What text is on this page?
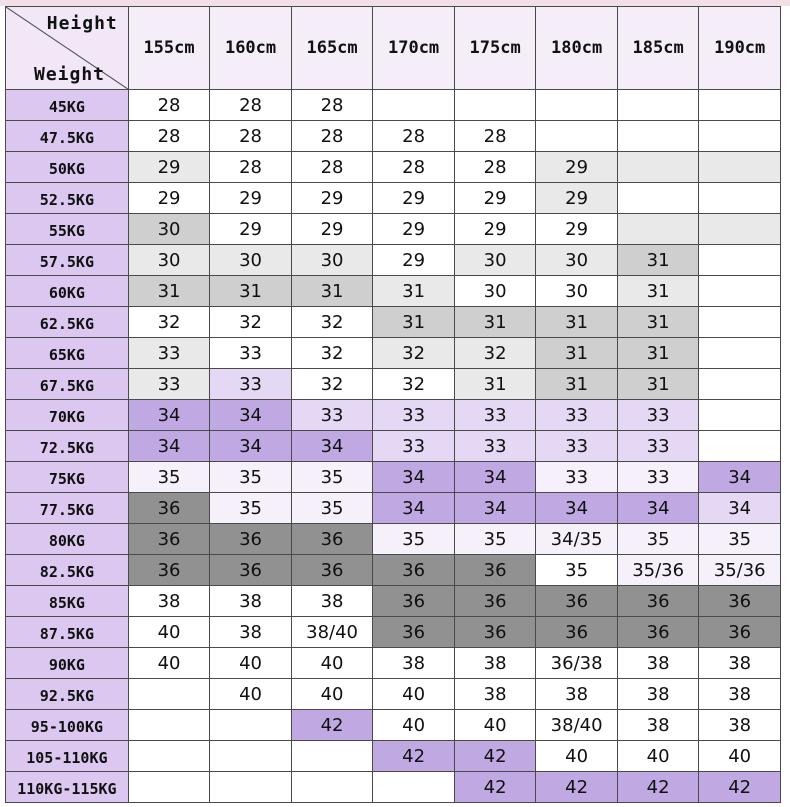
Height
Weight	155cm	160cm	165cm	170cm	175cm	180cm	185cm	190cm
45KG	28	28	28					
47.5KG	28	28	28	28	28			
50KG	29	28	28	28	28	29		
52.5KG	29	29	29	29	29	29		
55KG	30	29	29	29	29	29		
57.5KG	30	30	30	29	30	30	31	
60KG	31	31	31	31	30	30	31	
62.5KG	32	32	32	31	31	31	31	
65KG	33	33	32	32	32	31	31	
67.5KG	33	33	32	32	31	31	31	
70KG	34	34	33	33	33	33	33	
72.5KG	34	34	34	33	33	33	33	
75KG	35	35	35	34	34	33	33	34
77.5KG	36	35	35	34	34	34	34	34
80KG	36	36	36	35	35	34/35	35	35
82.5KG	36	36	36	36	36	35	35/36	35/36
85KG	38	38	38	36	36	36	36	36
87.5KG	40	38	38/40	36	36	36	36	36
90KG	40	40	40	38	38	36/38	38	38
92.5KG		40	40	40	38	38	38	38
95-100KG			42	40	40	38/40	38	38
105-110KG				42	42	40	40	40
110KG-115KG					42	42	42	42
